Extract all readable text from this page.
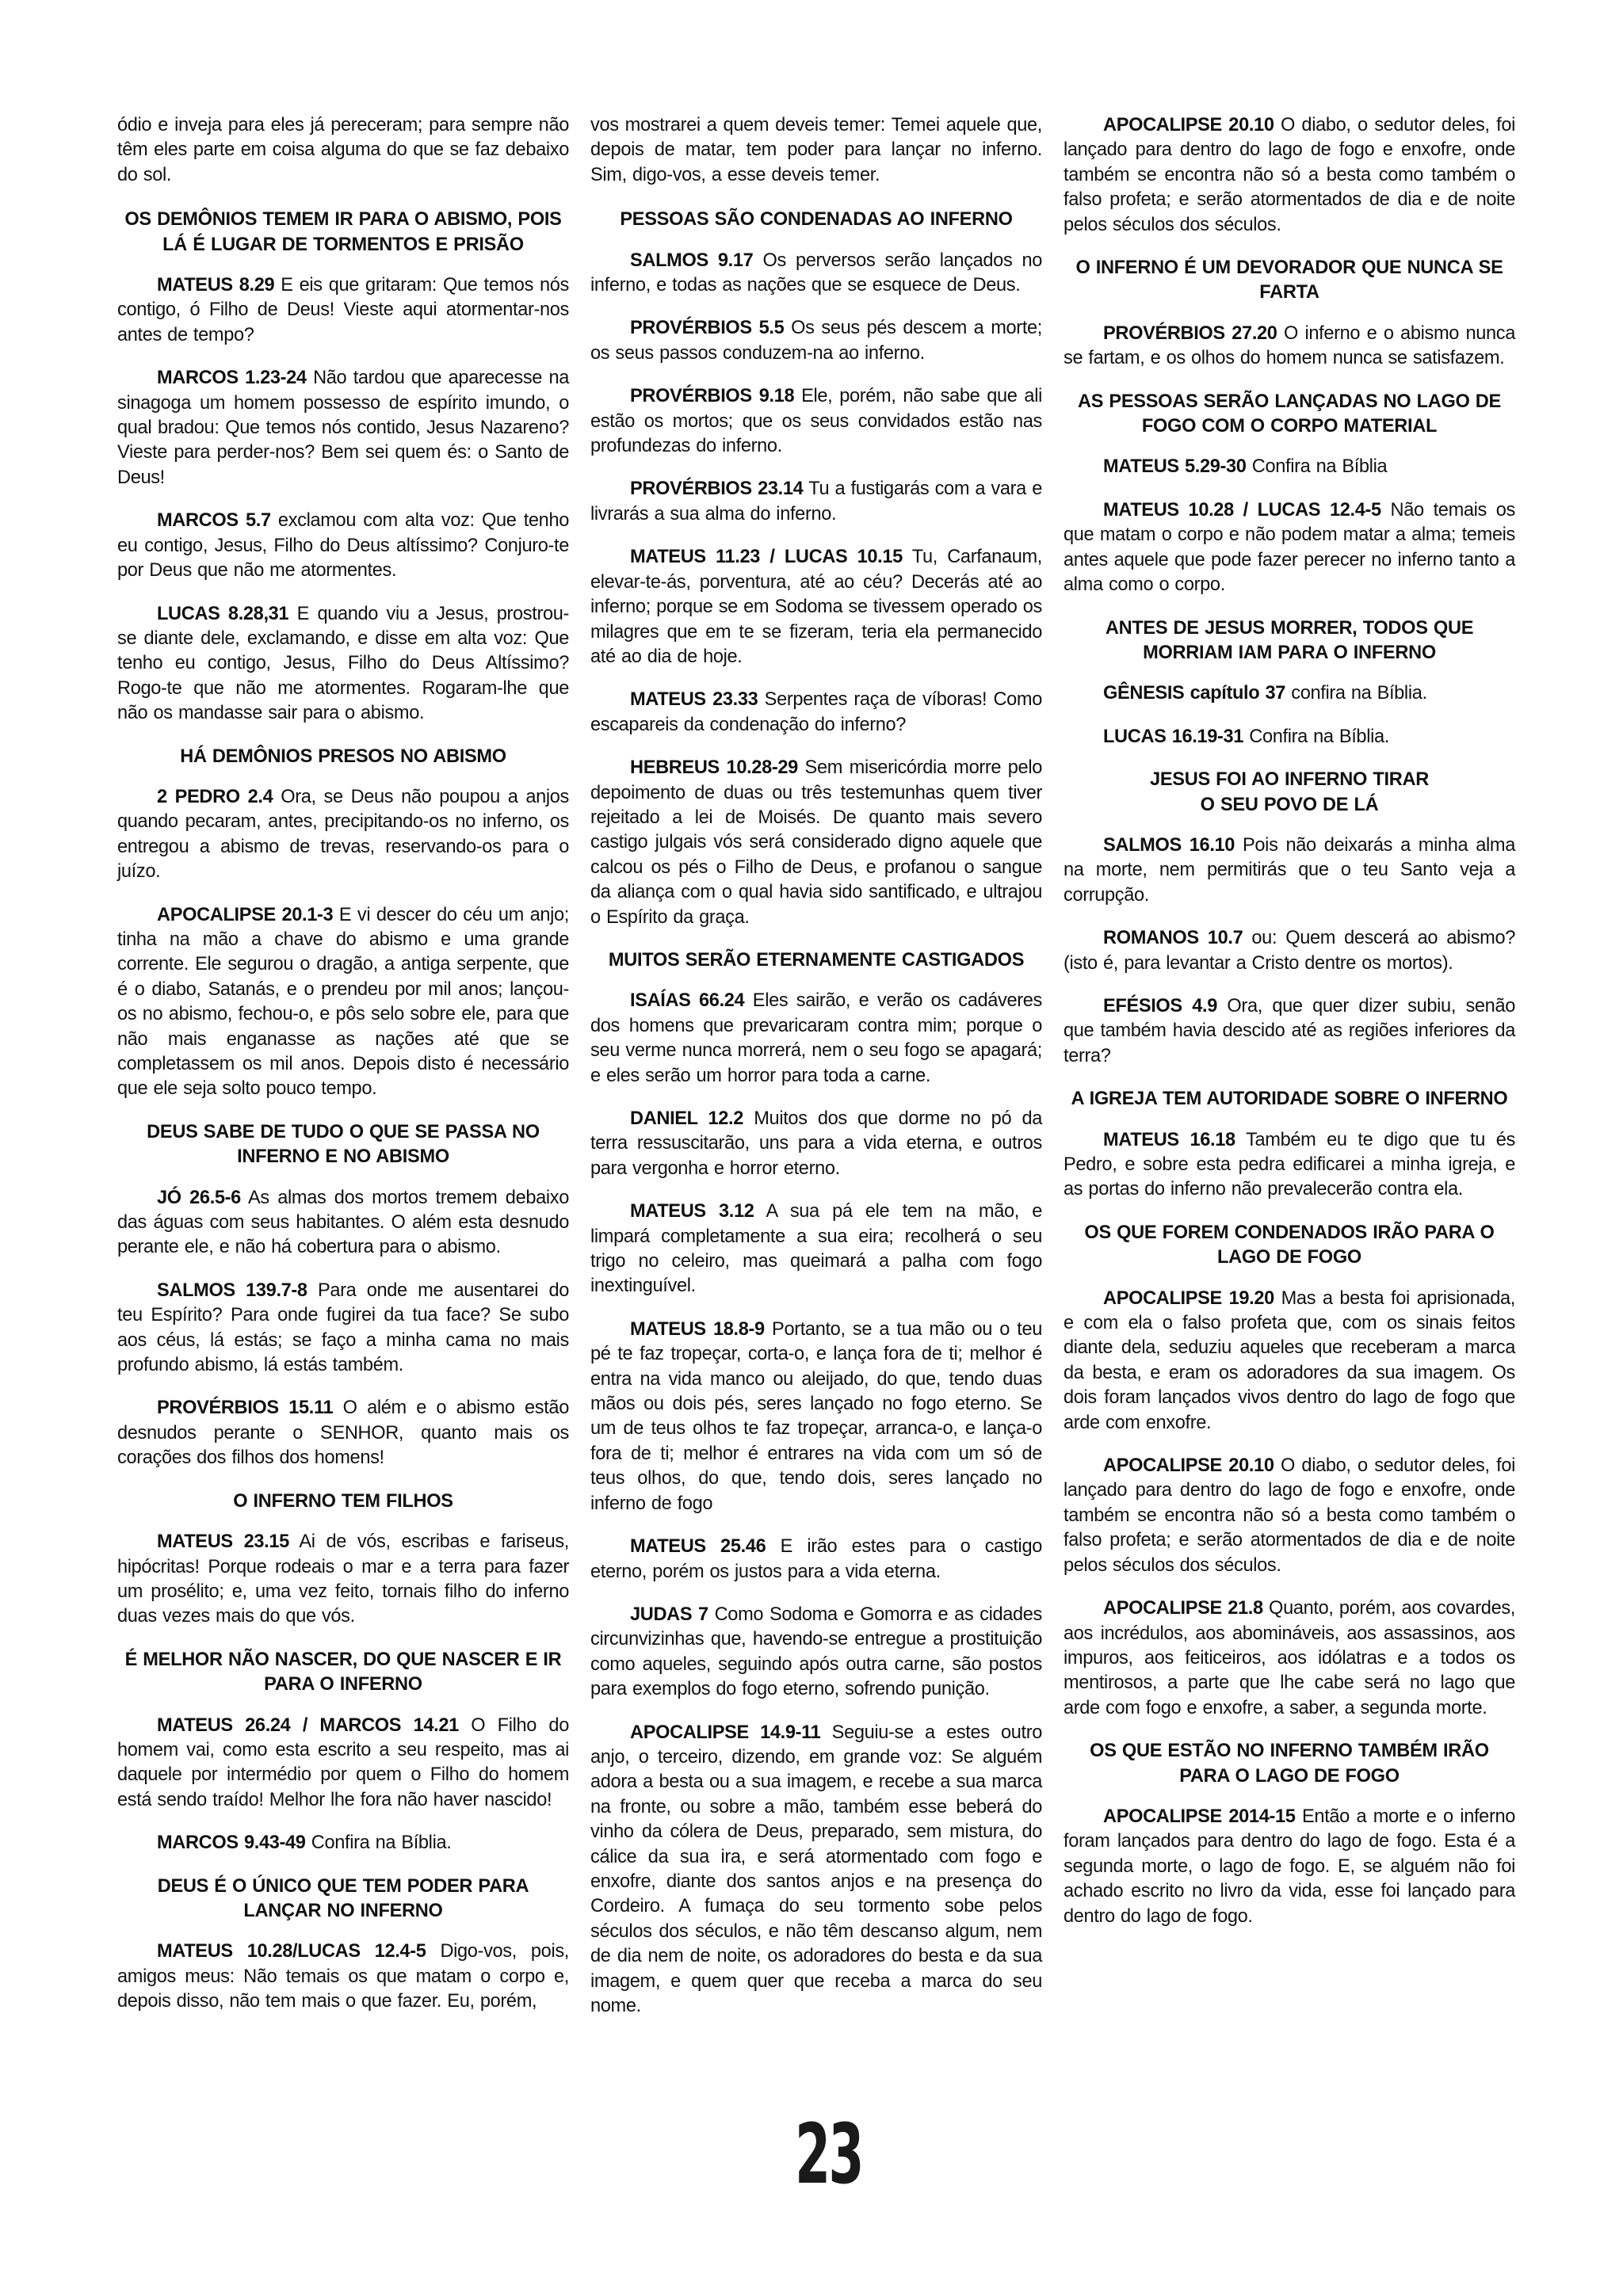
ódio e inveja para eles já pereceram; para sempre não têm eles parte em coisa alguma do que se faz debaixo do sol.

OS DEMÔNIOS TEMEM IR PARA O ABISMO, POIS LÁ É LUGAR DE TORMENTOS E PRISÃO

MATEUS 8.29 E eis que gritaram: Que temos nós contigo, ó Filho de Deus! Vieste aqui atormentar-nos antes de tempo?

MARCOS 1.23-24 Não tardou que aparecesse na sinagoga um homem possesso de espírito imundo, o qual bradou: Que temos nós contido, Jesus Nazareno? Vieste para perder-nos? Bem sei quem és: o Santo de Deus!

MARCOS 5.7 exclamou com alta voz: Que tenho eu contigo, Jesus, Filho do Deus altíssimo? Conjuro-te por Deus que não me atormentes.

LUCAS 8.28,31 E quando viu a Jesus, prostrou-se diante dele, exclamando, e disse em alta voz: Que tenho eu contigo, Jesus, Filho do Deus Altíssimo? Rogo-te que não me atormentes. Rogaram-lhe que não os mandasse sair para o abismo.

HÁ DEMÔNIOS PRESOS NO ABISMO

2 PEDRO 2.4 Ora, se Deus não poupou a anjos quando pecaram, antes, precipitando-os no inferno, os entregou a abismo de trevas, reservando-os para o juízo.

APOCALIPSE 20.1-3 E vi descer do céu um anjo; tinha na mão a chave do abismo e uma grande corrente. Ele segurou o dragão, a antiga serpente, que é o diabo, Satanás, e o prendeu por mil anos; lançou-os no abismo, fechou-o, e pôs selo sobre ele, para que não mais enganasse as nações até que se completassem os mil anos. Depois disto é necessário que ele seja solto pouco tempo.

DEUS SABE DE TUDO O QUE SE PASSA NO INFERNO E NO ABISMO

JÓ 26.5-6 As almas dos mortos tremem debaixo das águas com seus habitantes. O além esta desnudo perante ele, e não há cobertura para o abismo.

SALMOS 139.7-8 Para onde me ausentarei do teu Espírito? Para onde fugirei da tua face? Se subo aos céus, lá estás; se faço a minha cama no mais profundo abismo, lá estás também.

PROVÉRBIOS 15.11 O além e o abismo estão desnudos perante o SENHOR, quanto mais os corações dos filhos dos homens!

O INFERNO TEM FILHOS

MATEUS 23.15 Ai de vós, escribas e fariseus, hipócritas! Porque rodeais o mar e a terra para fazer um prosélito; e, uma vez feito, tornais filho do inferno duas vezes mais do que vós.

É MELHOR NÃO NASCER, DO QUE NASCER E IR PARA O INFERNO

MATEUS 26.24 / MARCOS 14.21 O Filho do homem vai, como esta escrito a seu respeito, mas ai daquele por intermédio por quem o Filho do homem está sendo traído! Melhor lhe fora não haver nascido!

MARCOS 9.43-49 Confira na Bíblia.

DEUS É O ÚNICO QUE TEM PODER PARA LANÇAR NO INFERNO

MATEUS 10.28/LUCAS 12.4-5 Digo-vos, pois, amigos meus: Não temais os que matam o corpo e, depois disso, não tem mais o que fazer. Eu, porém,

vos mostrarei a quem deveis temer: Temei aquele que, depois de matar, tem poder para lançar no inferno. Sim, digo-vos, a esse deveis temer.

PESSOAS SÃO CONDENADAS AO INFERNO

SALMOS 9.17 Os perversos serão lançados no inferno, e todas as nações que se esquece de Deus.

PROVÉRBIOS 5.5 Os seus pés descem a morte; os seus passos conduzem-na ao inferno.

PROVÉRBIOS 9.18 Ele, porém, não sabe que ali estão os mortos; que os seus convidados estão nas profundezas do inferno.

PROVÉRBIOS 23.14 Tu a fustigarás com a vara e livrarás a sua alma do inferno.

MATEUS 11.23 / LUCAS 10.15 Tu, Carfanaum, elevar-te-ás, porventura, até ao céu? Decerás até ao inferno; porque se em Sodoma se tivessem operado os milagres que em te se fizeram, teria ela permanecido até ao dia de hoje.

MATEUS 23.33 Serpentes raça de víboras! Como escapareis da condenação do inferno?

HEBREUS 10.28-29 Sem misericórdia morre pelo depoimento de duas ou três testemunhas quem tiver rejeitado a lei de Moisés. De quanto mais severo castigo julgais vós será considerado digno aquele que calcou os pés o Filho de Deus, e profanou o sangue da aliança com o qual havia sido santificado, e ultrajou o Espírito da graça.

MUITOS SERÃO ETERNAMENTE CASTIGADOS

ISAÍAS 66.24 Eles sairão, e verão os cadáveres dos homens que prevaricaram contra mim; porque o seu verme nunca morrerá, nem o seu fogo se apagará; e eles serão um horror para toda a carne.

DANIEL 12.2 Muitos dos que dorme no pó da terra ressuscitarão, uns para a vida eterna, e outros para vergonha e horror eterno.

MATEUS 3.12 A sua pá ele tem na mão, e limpará completamente a sua eira; recolherá o seu trigo no celeiro, mas queimará a palha com fogo inextinguível.

MATEUS 18.8-9 Portanto, se a tua mão ou o teu pé te faz tropeçar, corta-o, e lança fora de ti; melhor é entra na vida manco ou aleijado, do que, tendo duas mãos ou dois pés, seres lançado no fogo eterno. Se um de teus olhos te faz tropeçar, arranca-o, e lança-o fora de ti; melhor é entrares na vida com um só de teus olhos, do que, tendo dois, seres lançado no inferno de fogo

MATEUS 25.46 E irão estes para o castigo eterno, porém os justos para a vida eterna.

JUDAS 7 Como Sodoma e Gomorra e as cidades circunvizinhas que, havendo-se entregue a prostituição como aqueles, seguindo após outra carne, são postos para exemplos do fogo eterno, sofrendo punição.

APOCALIPSE 14.9-11 Seguiu-se a estes outro anjo, o terceiro, dizendo, em grande voz: Se alguém adora a besta ou a sua imagem, e recebe a sua marca na fronte, ou sobre a mão, também esse beberá do vinho da cólera de Deus, preparado, sem mistura, do cálice da sua ira, e será atormentado com fogo e enxofre, diante dos santos anjos e na presença do Cordeiro. A fumaça do seu tormento sobe pelos séculos dos séculos, e não têm descanso algum, nem de dia nem de noite, os adoradores do besta e da sua imagem, e quem quer que receba a marca do seu nome.

APOCALIPSE 20.10 O diabo, o sedutor deles, foi lançado para dentro do lago de fogo e enxofre, onde também se encontra não só a besta como também o falso profeta; e serão atormentados de dia e de noite pelos séculos dos séculos.

O INFERNO É UM DEVORADOR QUE NUNCA SE FARTA

PROVÉRBIOS 27.20 O inferno e o abismo nunca se fartam, e os olhos do homem nunca se satisfazem.

AS PESSOAS SERÃO LANÇADAS NO LAGO DE FOGO COM O CORPO MATERIAL

MATEUS 5.29-30 Confira na Bíblia

MATEUS 10.28 / LUCAS 12.4-5 Não temais os que matam o corpo e não podem matar a alma; temeis antes aquele que pode fazer perecer no inferno tanto a alma como o corpo.

ANTES DE JESUS MORRER, TODOS QUE MORRIAM IAM PARA O INFERNO

GÊNESIS capítulo 37 confira na Bíblia.

LUCAS 16.19-31 Confira na Bíblia.

JESUS FOI AO INFERNO TIRAR
O SEU POVO DE LÁ

SALMOS 16.10 Pois não deixarás a minha alma na morte, nem permitirás que o teu Santo veja a corrupção.

ROMANOS 10.7 ou: Quem descerá ao abismo? (isto é, para levantar a Cristo dentre os mortos).

EFÉSIOS 4.9 Ora, que quer dizer subiu, senão que também havia descido até as regiões inferiores da terra?

A IGREJA TEM AUTORIDADE SOBRE O INFERNO

MATEUS 16.18 Também eu te digo que tu és Pedro, e sobre esta pedra edificarei a minha igreja, e as portas do inferno não prevalecerão contra ela.

OS QUE FOREM CONDENADOS IRÃO PARA O LAGO DE FOGO

APOCALIPSE 19.20 Mas a besta foi aprisionada, e com ela o falso profeta que, com os sinais feitos diante dela, seduziu aqueles que receberam a marca da besta, e eram os adoradores da sua imagem. Os dois foram lançados vivos dentro do lago de fogo que arde com enxofre.

APOCALIPSE 20.10 O diabo, o sedutor deles, foi lançado para dentro do lago de fogo e enxofre, onde também se encontra não só a besta como também o falso profeta; e serão atormentados de dia e de noite pelos séculos dos séculos.

APOCALIPSE 21.8 Quanto, porém, aos covardes, aos incrédulos, aos abomináveis, aos assassinos, aos impuros, aos feiticeiros, aos idólatras e a todos os mentirosos, a parte que lhe cabe será no lago que arde com fogo e enxofre, a saber, a segunda morte.

OS QUE ESTÃO NO INFERNO TAMBÉM IRÃO PARA O LAGO DE FOGO

APOCALIPSE 2014-15 Então a morte e o inferno foram lançados para dentro do lago de fogo. Esta é a segunda morte, o lago de fogo. E, se alguém não foi achado escrito no livro da vida, esse foi lançado para dentro do lago de fogo.

23
